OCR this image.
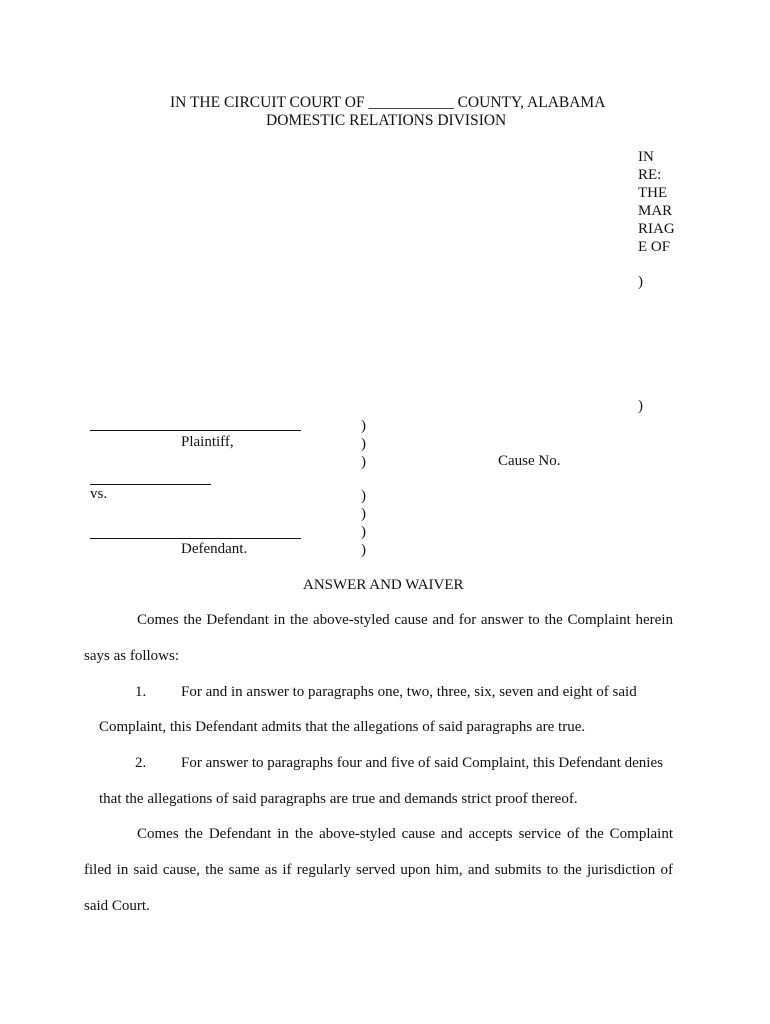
IN THE CIRCUIT COURT OF ___________ COUNTY, ALABAMA
DOMESTIC RELATIONS DIVISION
IN
RE:
THE
MAR
RIAG
E OF
)
)
Plaintiff,
vs.
Defendant.
)
)
)
)
)
)
)
Cause No.
ANSWER AND WAIVER
Comes the Defendant in the above-styled cause and for answer to the Complaint herein
says as follows:
1. For and in answer to paragraphs one, two, three, six, seven and eight of said
Complaint, this Defendant admits that the allegations of said paragraphs are true.
2. For answer to paragraphs four and five of said Complaint, this Defendant denies
that the allegations of said paragraphs are true and demands strict proof thereof.
Comes the Defendant in the above-styled cause and accepts service of the Complaint
filed in said cause, the same as if regularly served upon him, and submits to the jurisdiction of
said Court.
